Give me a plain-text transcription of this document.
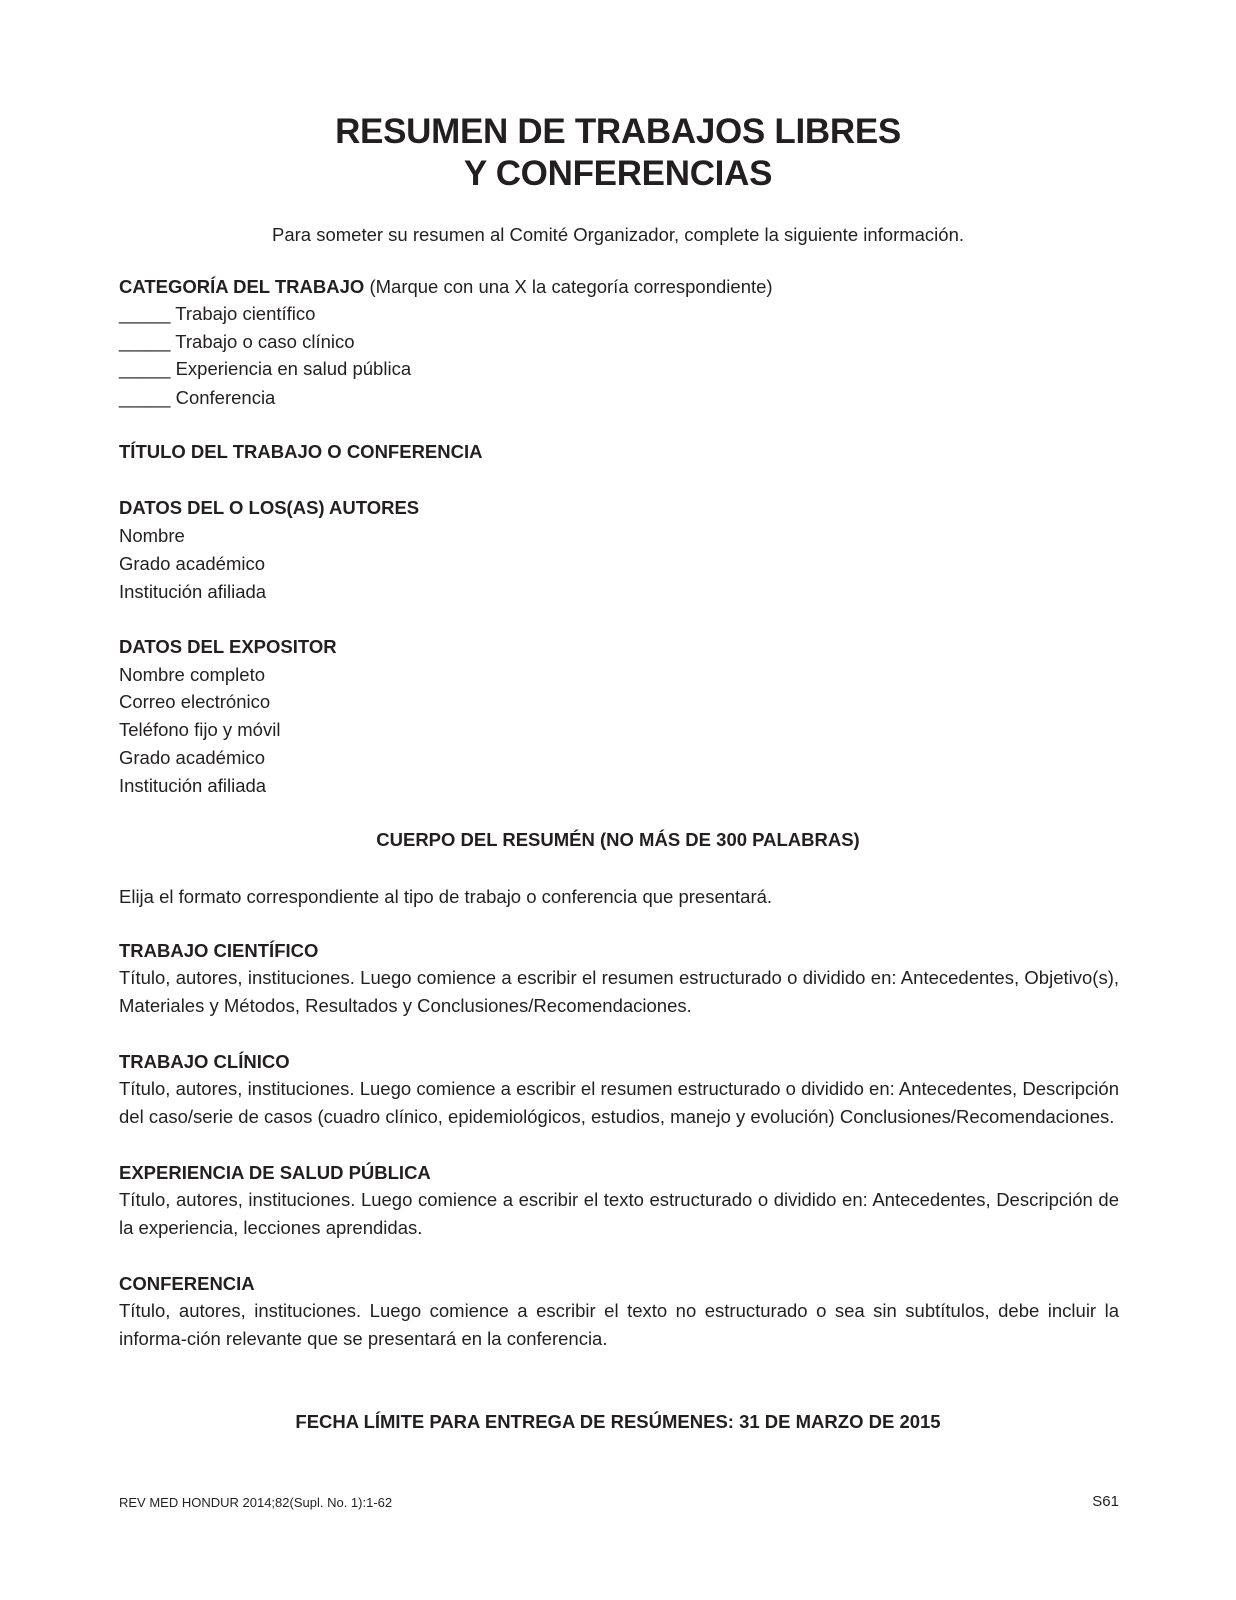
RESUMEN DE TRABAJOS LIBRES
Y CONFERENCIAS

Para someter su resumen al Comité Organizador, complete la siguiente información.

CATEGORÍA DEL TRABAJO (Marque con una X la categoría correspondiente)

_____ Trabajo científico

_____ Trabajo o caso clínico

_____ Experiencia en salud pública

_____ Conferencia

TÍTULO DEL TRABAJO O CONFERENCIA

DATOS DEL O LOS(AS) AUTORES

Nombre

Grado académico

Institución afiliada

DATOS DEL EXPOSITOR

Nombre completo

Correo electrónico

Teléfono fijo y móvil

Grado académico

Institución afiliada

CUERPO DEL RESUMÉN (NO MÁS DE 300 PALABRAS)

Elija el formato correspondiente al tipo de trabajo o conferencia que presentará.

TRABAJO CIENTÍFICO

Título, autores, instituciones. Luego comience a escribir el resumen estructurado o dividido en: Antecedentes, Objetivo(s), Materiales y Métodos, Resultados y Conclusiones/Recomendaciones.

TRABAJO CLÍNICO

Título, autores, instituciones. Luego comience a escribir el resumen estructurado o dividido en: Antecedentes, Descripción del caso/serie de casos (cuadro clínico, epidemiológicos, estudios, manejo y evolución) Conclusiones/Recomendaciones.

EXPERIENCIA DE SALUD PÚBLICA

Título, autores, instituciones. Luego comience a escribir el texto estructurado o dividido en: Antecedentes, Descripción de la experiencia, lecciones aprendidas.

CONFERENCIA

Título, autores, instituciones. Luego comience a escribir el texto no estructurado o sea sin subtítulos, debe incluir la informa-ción relevante que se presentará en la conferencia.

FECHA LÍMITE PARA ENTREGA DE RESÚMENES: 31 DE MARZO DE 2015

REV MED HONDUR 2014;82(Supl. No. 1):1-62	S61
